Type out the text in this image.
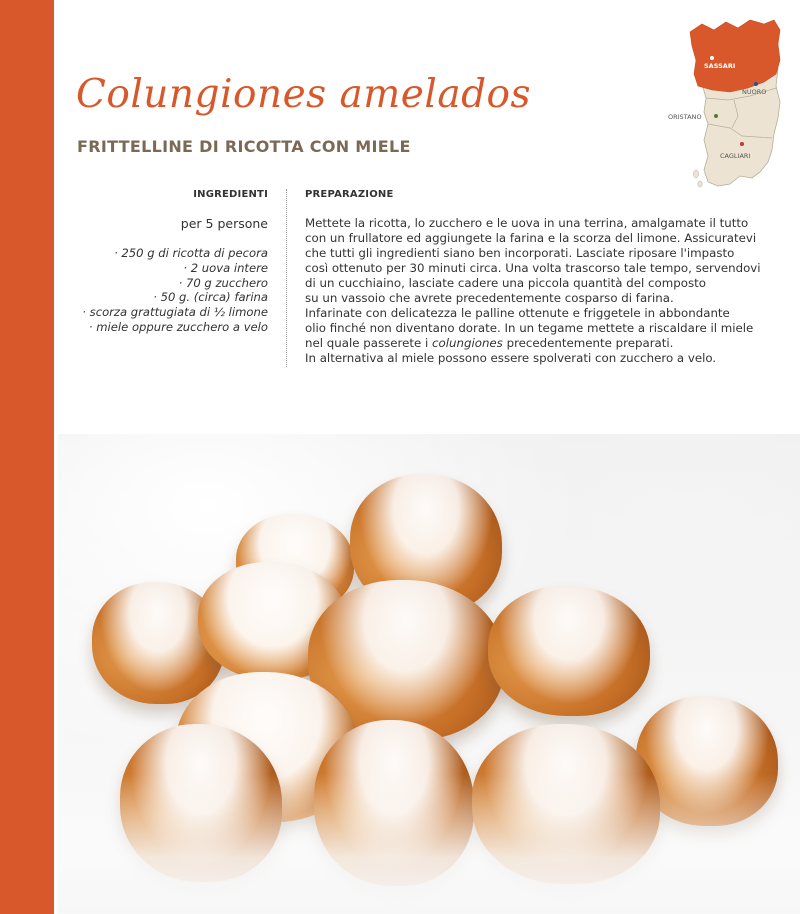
Colungiones amelados
FRITTELLINE DI RICOTTA CON MIELE
SASSARI
NUORO
ORISTANO
CAGLIARI
INGREDIENTI	PREPARAZIONE
per 5 persone
· 250 g di ricotta di pecora
· 2 uova intere
· 70 g zucchero
· 50 g. (circa) farina
· scorza grattugiata di ½ limone
· miele oppure zucchero a velo
Mettete la ricotta, lo zucchero e le uova in una terrina, amalgamate il tutto
con un frullatore ed aggiungete la farina e la scorza del limone. Assicuratevi
che tutti gli ingredienti siano ben incorporati. Lasciate riposare l'impasto
così ottenuto per 30 minuti circa. Una volta trascorso tale tempo, servendovi
di un cucchiaino, lasciate cadere una piccola quantità del composto
su un vassoio che avrete precedentemente cosparso di farina.
Infarinate con delicatezza le palline ottenute e friggetele in abbondante
olio finché non diventano dorate. In un tegame mettete a riscaldare il miele
nel quale passerete i colungiones precedentemente preparati.
In alternativa al miele possono essere spolverati con zucchero a velo.
